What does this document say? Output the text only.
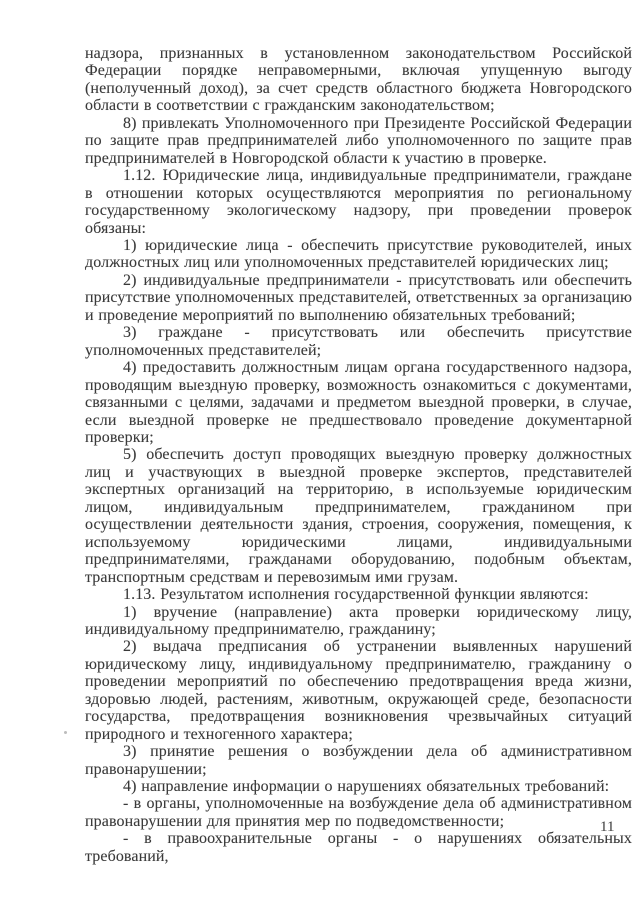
надзора, признанных в установленном законодательством Российской Федерации порядке неправомерными, включая упущенную выгоду (неполученный доход), за счет средств областного бюджета Новгородского области в соответствии с гражданским законодательством;

8) привлекать Уполномоченного при Президенте Российской Федерации по защите прав предпринимателей либо уполномоченного по защите прав предпринимателей в Новгородской области к участию в проверке.

1.12. Юридические лица, индивидуальные предприниматели, граждане в отношении которых осуществляются мероприятия по региональному государственному экологическому надзору, при проведении проверок обязаны:

1) юридические лица - обеспечить присутствие руководителей, иных должностных лиц или уполномоченных представителей юридических лиц;

2) индивидуальные предприниматели - присутствовать или обеспечить присутствие уполномоченных представителей, ответственных за организацию и проведение мероприятий по выполнению обязательных требований;

3) граждане - присутствовать или обеспечить присутствие уполномоченных представителей;

4) предоставить должностным лицам органа государственного надзора, проводящим выездную проверку, возможность ознакомиться с документами, связанными с целями, задачами и предметом выездной проверки, в случае, если выездной проверке не предшествовало проведение документарной проверки;

5) обеспечить доступ проводящих выездную проверку должностных лиц и участвующих в выездной проверке экспертов, представителей экспертных организаций на территорию, в используемые юридическим лицом, индивидуальным предпринимателем, гражданином при осуществлении деятельности здания, строения, сооружения, помещения, к используемому юридическими лицами, индивидуальными предпринимателями, гражданами оборудованию, подобным объектам, транспортным средствам и перевозимым ими грузам.

1.13. Результатом исполнения государственной функции являются:

1) вручение (направление) акта проверки юридическому лицу, индивидуальному предпринимателю, гражданину;

2) выдача предписания об устранении выявленных нарушений юридическому лицу, индивидуальному предпринимателю, гражданину о проведении мероприятий по обеспечению предотвращения вреда жизни, здоровью людей, растениям, животным, окружающей среде, безопасности государства, предотвращения возникновения чрезвычайных ситуаций природного и техногенного характера;

3) принятие решения о возбуждении дела об административном правонарушении;

4) направление информации о нарушениях обязательных требований:

- в органы, уполномоченные на возбуждение дела об административном правонарушении для принятия мер по подведомственности;

- в правоохранительные органы - о нарушениях обязательных требований,

11
